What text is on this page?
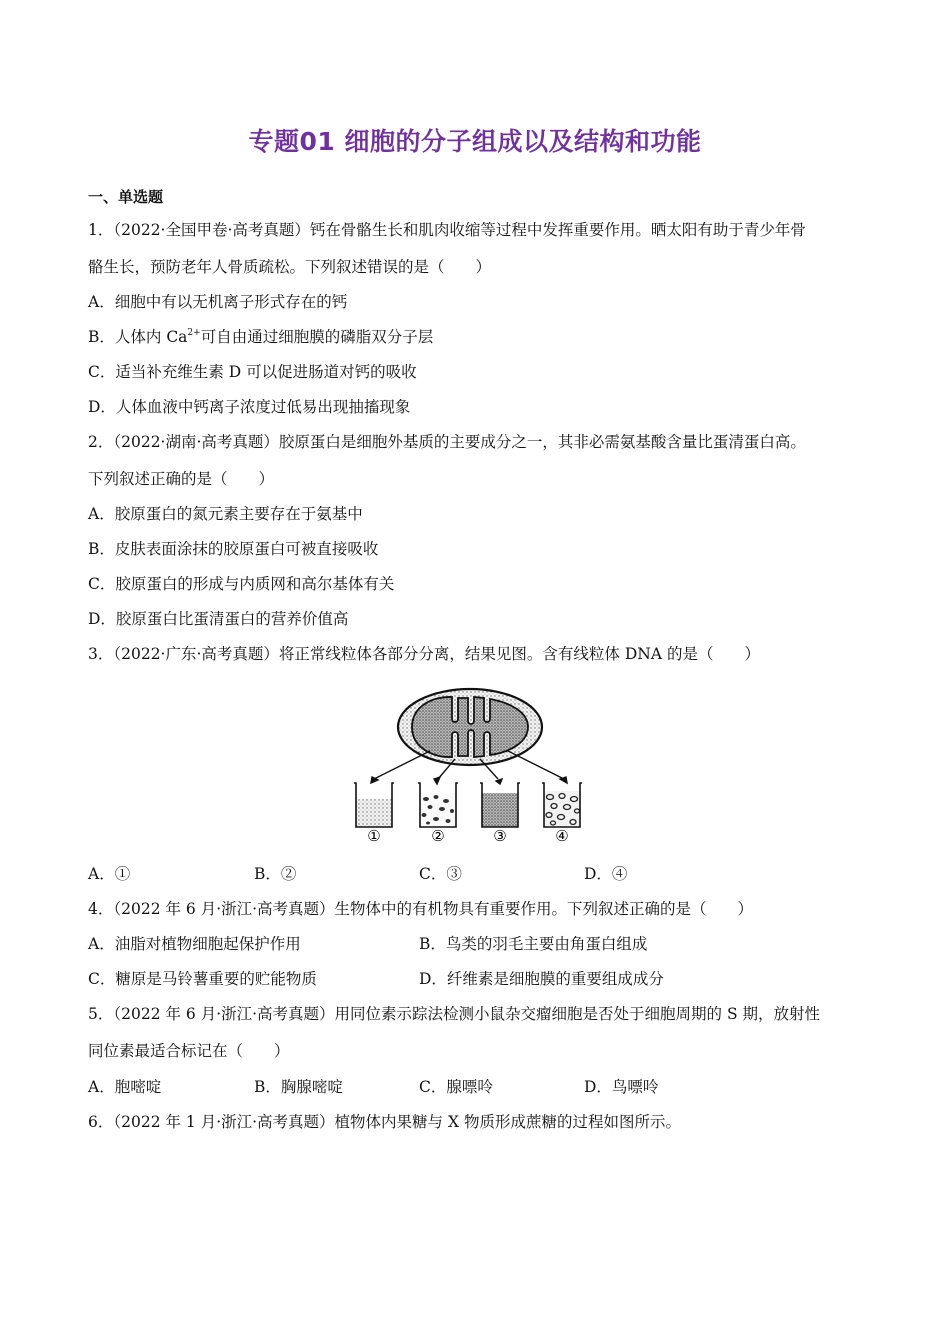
专题01 细胞的分子组成以及结构和功能
一、单选题
1．（2022·全国甲卷·高考真题）钙在骨骼生长和肌肉收缩等过程中发挥重要作用。晒太阳有助于青少年骨
骼生长，预防老年人骨质疏松。下列叙述错误的是（　　）
A．细胞中有以无机离子形式存在的钙
B．人体内 $Ca^{2+}$可自由通过细胞膜的磷脂双分子层
C．适当补充维生素 D 可以促进肠道对钙的吸收
D．人体血液中钙离子浓度过低易出现抽搐现象
2．（2022·湖南·高考真题）胶原蛋白是细胞外基质的主要成分之一，其非必需氨基酸含量比蛋清蛋白高。
下列叙述正确的是（　　）
A．胶原蛋白的氮元素主要存在于氨基中
B．皮肤表面涂抹的胶原蛋白可被直接吸收
C．胶原蛋白的形成与内质网和高尔基体有关
D．胶原蛋白比蛋清蛋白的营养价值高
3．（2022·广东·高考真题）将正常线粒体各部分分离，结果见图。含有线粒体 DNA 的是（　　）
①	②	③	④
A．①	B．②	C．③	D．④
4．（2022 年 6 月·浙江·高考真题）生物体中的有机物具有重要作用。下列叙述正确的是（　　）
A．油脂对植物细胞起保护作用	B．鸟类的羽毛主要由角蛋白组成
C．糖原是马铃薯重要的贮能物质	D．纤维素是细胞膜的重要组成成分
5．（2022 年 6 月·浙江·高考真题）用同位素示踪法检测小鼠杂交瘤细胞是否处于细胞周期的 S 期，放射性
同位素最适合标记在（　　）
A．胞嘧啶	B．胸腺嘧啶	C．腺嘌呤	D．鸟嘌呤
6．（2022 年 1 月·浙江·高考真题）植物体内果糖与 X 物质形成蔗糖的过程如图所示。
